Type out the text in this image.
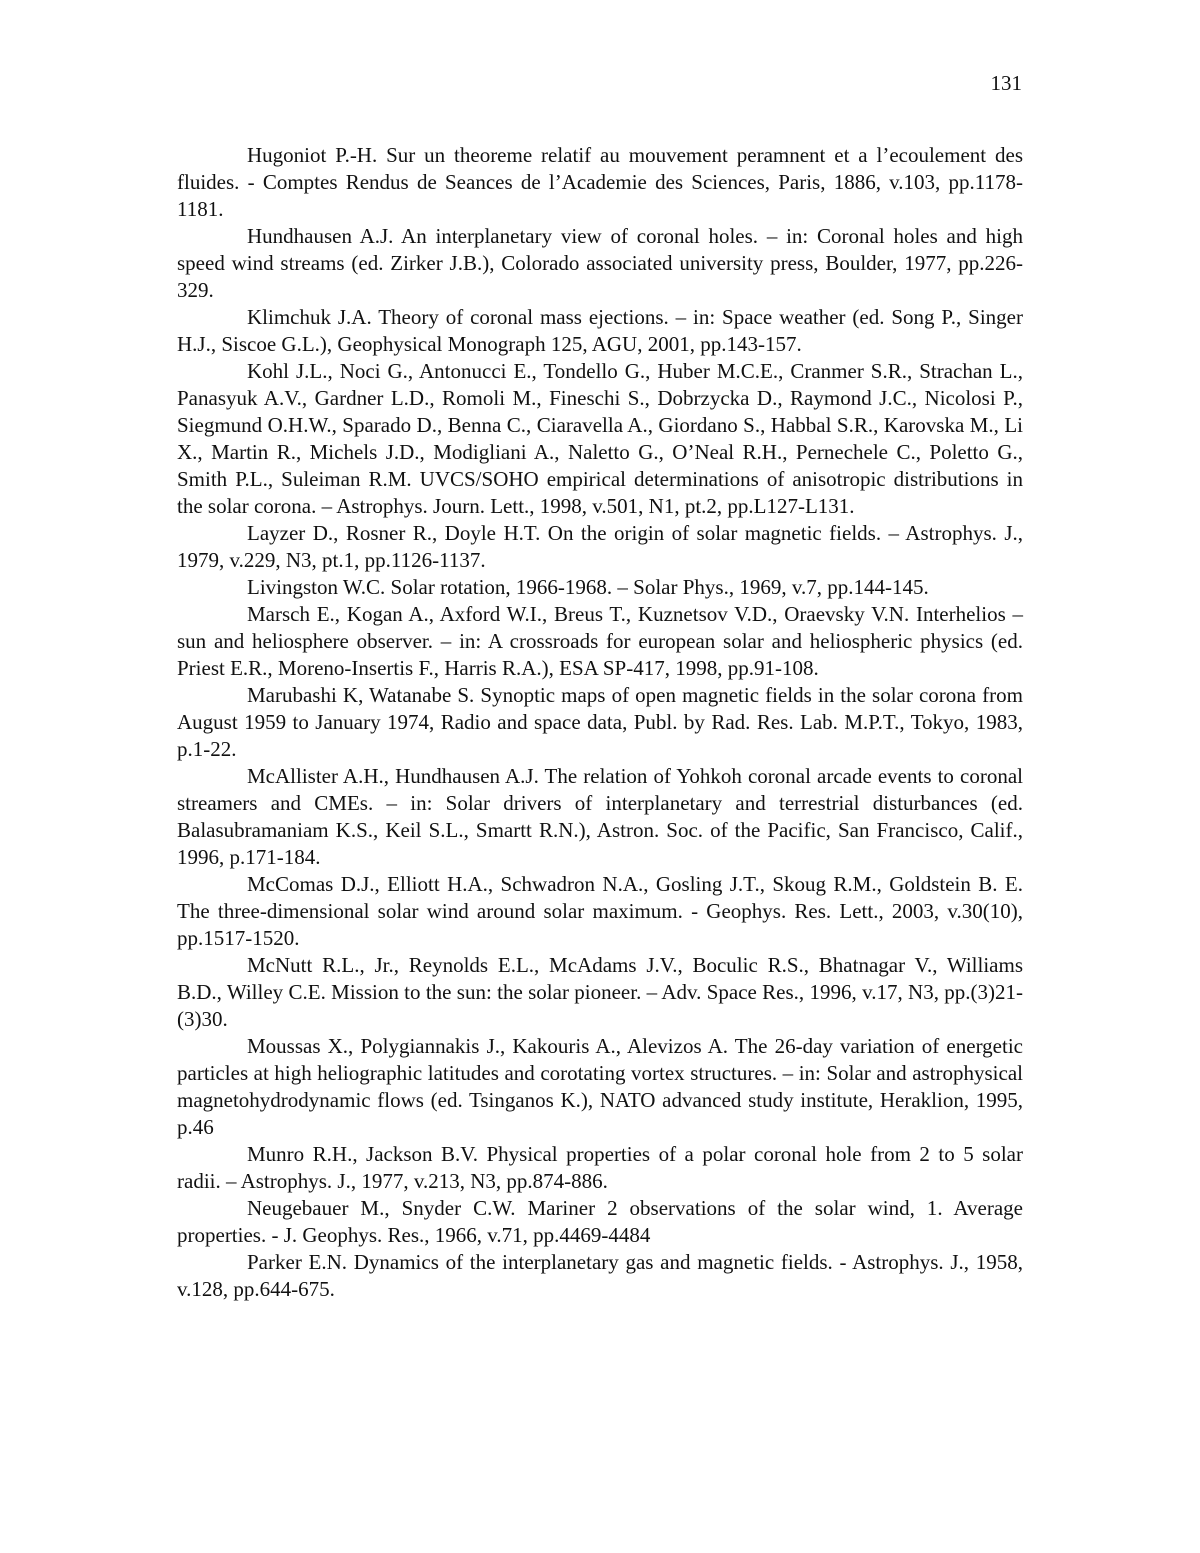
131
Hugoniot P.-H. Sur un theoreme relatif au mouvement peramnent et a l’ecoulement des fluides. - Comptes Rendus de Seances de l’Academie des Sciences, Paris, 1886, v.103, pp.1178-1181.
Hundhausen A.J. An interplanetary view of coronal holes. – in: Coronal holes and high speed wind streams (ed. Zirker J.B.), Colorado associated university press, Boulder, 1977, pp.226-329.
Klimchuk J.A. Theory of coronal mass ejections. – in: Space weather (ed. Song P., Singer H.J., Siscoe G.L.), Geophysical Monograph 125, AGU, 2001, pp.143-157.
Kohl J.L., Noci G., Antonucci E., Tondello G., Huber M.C.E., Cranmer S.R., Strachan L., Panasyuk A.V., Gardner L.D., Romoli M., Fineschi S., Dobrzycka D., Raymond J.C., Nicolosi P., Siegmund O.H.W., Sparado D., Benna C., Ciaravella A., Giordano S., Habbal S.R., Karovska M., Li X., Martin R., Michels J.D., Modigliani A., Naletto G., O’Neal R.H., Pernechele C., Poletto G., Smith P.L., Suleiman R.M. UVCS/SOHO empirical determinations of anisotropic distributions in the solar corona. – Astrophys. Journ. Lett., 1998, v.501, N1, pt.2, pp.L127-L131.
Layzer D., Rosner R., Doyle H.T. On the origin of solar magnetic fields. – Astrophys. J., 1979, v.229, N3, pt.1, pp.1126-1137.
Livingston W.C. Solar rotation, 1966-1968. – Solar Phys., 1969, v.7, pp.144-145.
Marsch E., Kogan A., Axford W.I., Breus T., Kuznetsov V.D., Oraevsky V.N. Interhelios – sun and heliosphere observer. – in: A crossroads for european solar and heliospheric physics (ed. Priest E.R., Moreno-Insertis F., Harris R.A.), ESA SP-417, 1998, pp.91-108.
Marubashi K, Watanabe S. Synoptic maps of open magnetic fields in the solar corona from August 1959 to January 1974, Radio and space data, Publ. by Rad. Res. Lab. M.P.T., Tokyo, 1983, p.1-22.
McAllister A.H., Hundhausen A.J. The relation of Yohkoh coronal arcade events to coronal streamers and CMEs. – in: Solar drivers of interplanetary and terrestrial disturbances (ed. Balasubramaniam K.S., Keil S.L., Smartt R.N.), Astron. Soc. of the Pacific, San Francisco, Calif., 1996, p.171-184.
McComas D.J., Elliott H.A., Schwadron N.A., Gosling J.T., Skoug R.M., Goldstein B. E. The three-dimensional solar wind around solar maximum. - Geophys. Res. Lett., 2003, v.30(10), pp.1517-1520.
McNutt R.L., Jr., Reynolds E.L., McAdams J.V., Boculic R.S., Bhatnagar V., Williams B.D., Willey C.E. Mission to the sun: the solar pioneer. – Adv. Space Res., 1996, v.17, N3, pp.(3)21-(3)30.
Moussas X., Polygiannakis J., Kakouris A., Alevizos A. The 26-day variation of energetic particles at high heliographic latitudes and corotating vortex structures. – in: Solar and astrophysical magnetohydrodynamic flows (ed. Tsinganos K.), NATO advanced study institute, Heraklion, 1995, p.46
Munro R.H., Jackson B.V. Physical properties of a polar coronal hole from 2 to 5 solar radii. – Astrophys. J., 1977, v.213, N3, pp.874-886.
Neugebauer M., Snyder C.W. Mariner 2 observations of the solar wind, 1. Average properties. - J. Geophys. Res., 1966, v.71, pp.4469-4484
Parker E.N. Dynamics of the interplanetary gas and magnetic fields. - Astrophys. J., 1958, v.128, pp.644-675.
